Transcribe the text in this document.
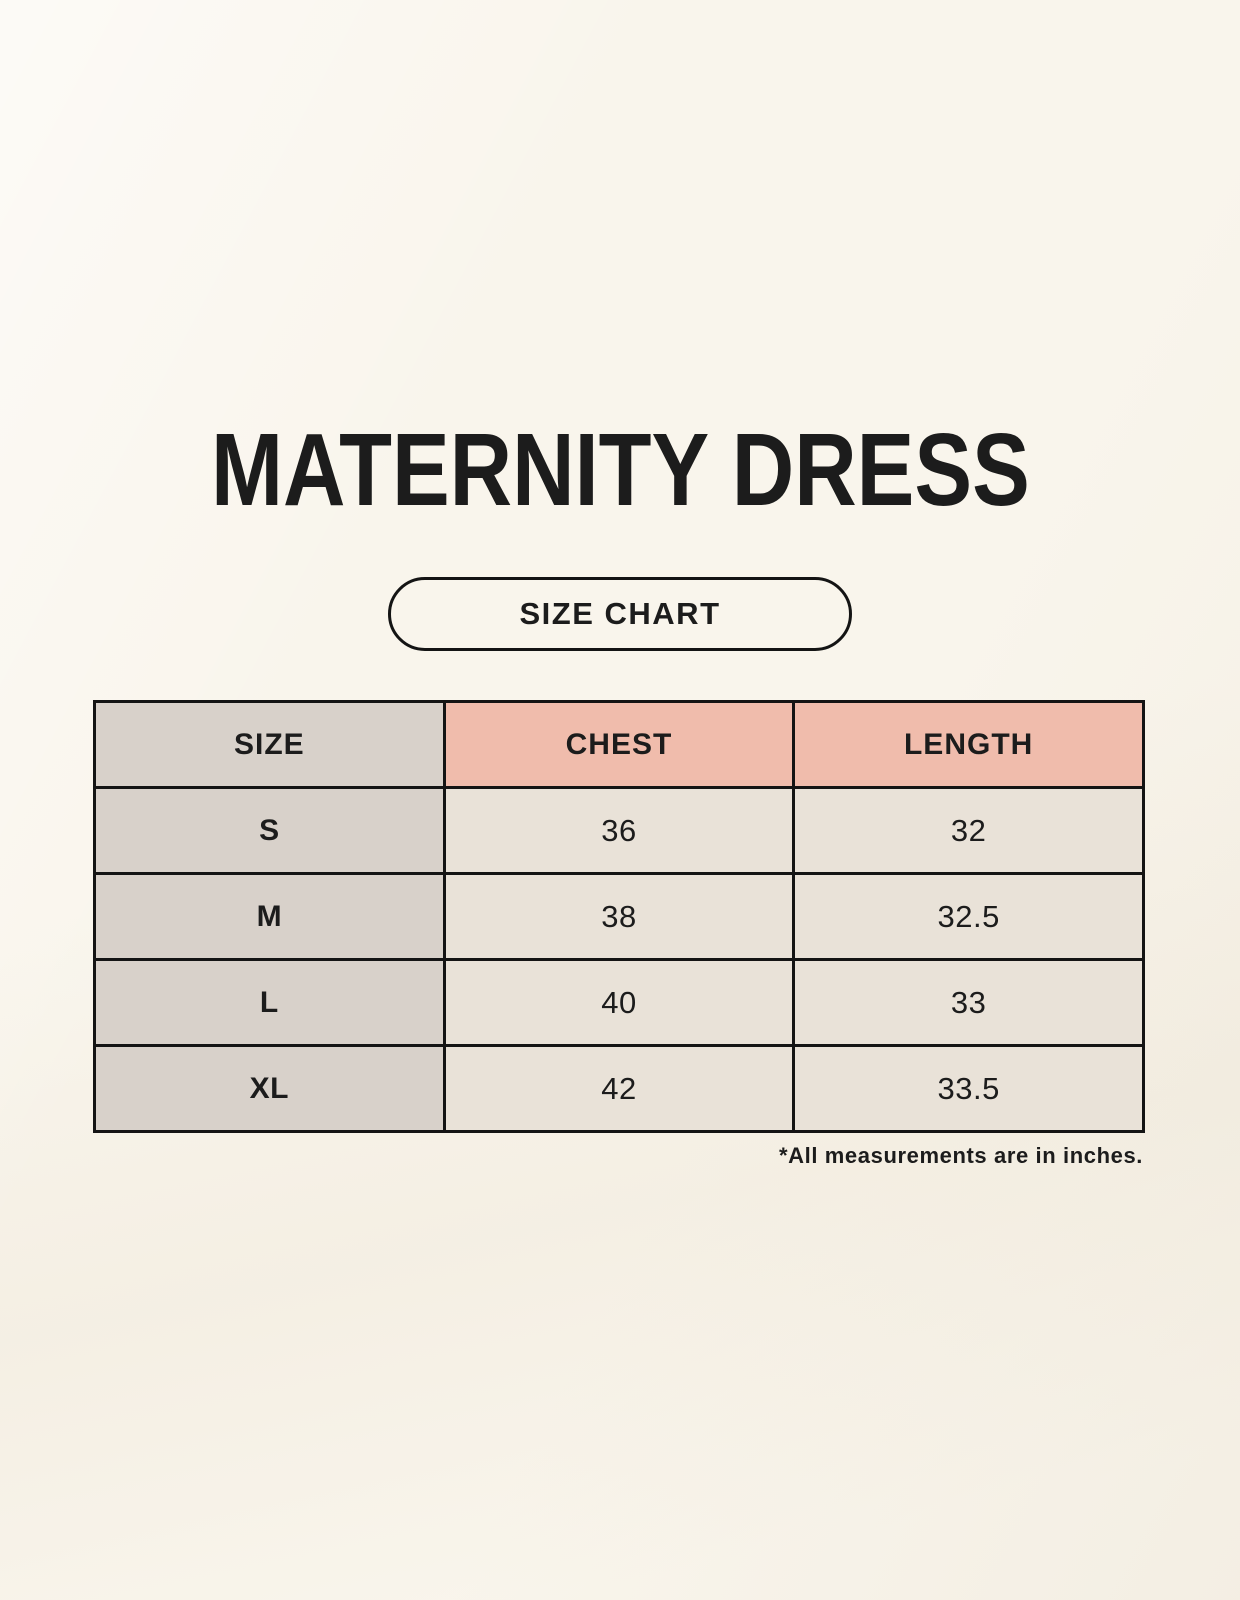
MATERNITY DRESS
SIZE CHART
SIZE	CHEST	LENGTH
S	36	32
M	38	32.5
L	40	33
XL	42	33.5
*All measurements are in inches.
